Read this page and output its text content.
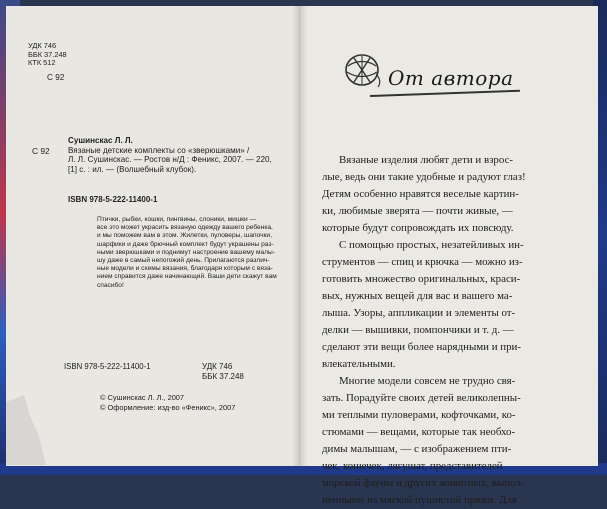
УДК 746
ББК 37.248
КТК 512
С 92
С 92
Сушинскас Л. Л.
Вязаные детские комплекты со «зверюшками» /
Л. Л. Сушинскас. — Ростов н/Д : Феникс, 2007. — 220,
[1] с. : ил. — (Волшебный клубок).
ISBN 978-5-222-11400-1
Птички, рыбки, кошки, пингвины, слоники, мишки —
все это может украсить вязаную одежду вашего ребенка,
и мы поможем вам в этом. Жилетки, пуловеры, шапочки,
шарфики и даже брючный комплект будут украшены раз-
ными зверюшками и поднимут настроение вашему малы-
шу даже в самый непогожий день. Прилагаются различ-
ные модели и схемы вязания, благодаря которым с вяза-
нием справится даже начинающий. Ваши дети скажут вам
спасибо!
ISBN 978-5-222-11400-1	УДК 746
ББК 37.248
© Сушинскас Л. Л., 2007
© Оформление: изд-во «Феникс», 2007
От автора
Вязаные изделия любят дети и взрос-
лые, ведь они такие удобные и радуют глаз!
Детям особенно нравятся веселые картин-
ки, любимые зверята — почти живые, —
которые будут сопровождать их повсюду.
С помощью простых, незатейливых ин-
струментов — спиц и крючка — можно из-
готовить множество оригинальных, краси-
вых, нужных вещей для вас и вашего ма-
лыша. Узоры, аппликации и элементы от-
делки — вышивки, помпончики и т. д. —
сделают эти вещи более нарядными и при-
влекательными.
Многие модели совсем не трудно свя-
зать. Порадуйте своих детей великолепны-
ми теплыми пуловерами, кофточками, ко-
стюмами — вещами, которые так необхо-
димы малышам, — с изображением пти-
чек, кошечек, лягушат, представителей
морской фауны и других животных, выпол-
ненными из мягкой пушистой пряжи. Для
